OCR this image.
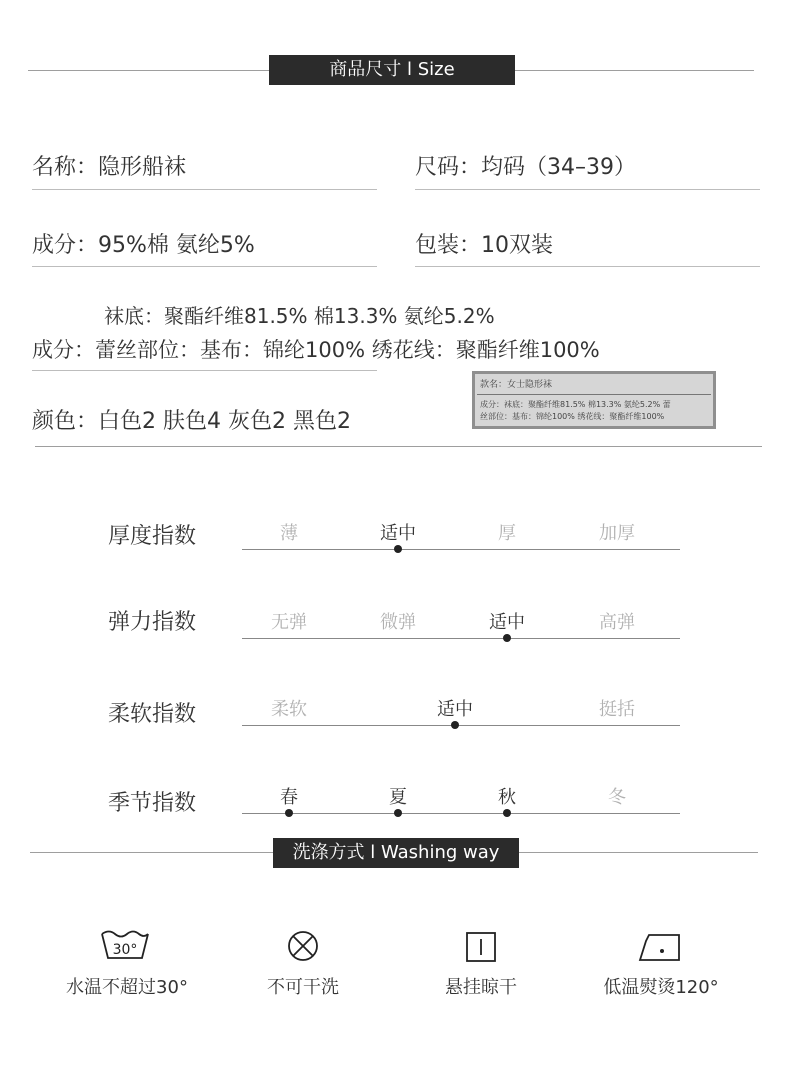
商品尺寸 l Size
名称：隐形船袜	尺码：均码（34–39）
成分：95%棉 氨纶5%	包装：10双装
袜底：聚酯纤维81.5% 棉13.3% 氨纶5.2%
成分：蕾丝部位：基布：锦纶100% 绣花线：聚酯纤维100%
颜色：白色2 肤色4 灰色2 黑色2
款名：女士隐形袜
成分：袜底：聚酯纤维81.5% 棉13.3% 氨纶5.2% 蕾
丝部位：基布：锦纶100% 绣花线：聚酯纤维100%
厚度指数	薄	适中	厚	加厚
弹力指数	无弹	微弹	适中	高弹
柔软指数	柔软	适中	挺括
季节指数	春	夏	秋	冬
洗涤方式 l Washing way
30°
水温不超过30°	不可干洗	悬挂晾干	低温熨烫120°
